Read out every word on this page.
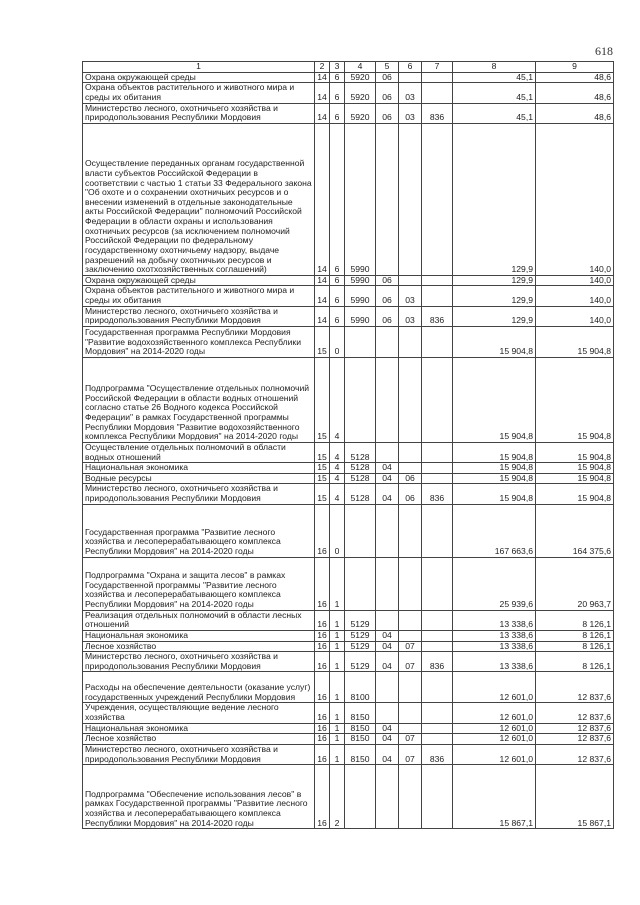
618
1	2	3	4	5	6	7	8	9
Охрана окружающей среды	14	6	5920	06			45,1	48,6
Охрана объектов растительного и животного мира и среды их обитания	14	6	5920	06	03		45,1	48,6
Министерство лесного, охотничьего хозяйства и природопользования Республики Мордовия	14	6	5920	06	03	836	45,1	48,6
Осуществление переданных органам государственной власти субъектов Российской Федерации в соответствии с частью 1 статьи 33 Федерального закона "Об охоте и о сохранении охотничьих ресурсов и о внесении изменений в отдельные законодательные акты Российской Федерации" полномочий Российской Федерации в области охраны и использования охотничьих ресурсов (за исключением полномочий Российской Федерации по федеральному государственному охотничьему надзору, выдаче разрешений на добычу охотничьих ресурсов и заключению охотхозяйственных соглашений)	14	6	5990				129,9	140,0
Охрана окружающей среды	14	6	5990	06			129,9	140,0
Охрана объектов растительного и животного мира и среды их обитания	14	6	5990	06	03		129,9	140,0
Министерство лесного, охотничьего хозяйства и природопользования Республики Мордовия	14	6	5990	06	03	836	129,9	140,0
Государственная программа Республики Мордовия "Развитие водохозяйственного комплекса Республики Мордовия" на 2014-2020 годы	15	0					15 904,8	15 904,8
Подпрограмма "Осуществление отдельных полномочий Российской Федерации в области водных отношений согласно статье 26 Водного кодекса Российской Федерации" в рамках Государственной программы Республики Мордовия "Развитие водохозяйственного комплекса Республики Мордовия" на 2014-2020 годы	15	4					15 904,8	15 904,8
Осуществление отдельных полномочий в области водных отношений	15	4	5128				15 904,8	15 904,8
Национальная экономика	15	4	5128	04			15 904,8	15 904,8
Водные ресурсы	15	4	5128	04	06		15 904,8	15 904,8
Министерство лесного, охотничьего хозяйства и природопользования Республики Мордовия	15	4	5128	04	06	836	15 904,8	15 904,8
Государственная программа "Развитие лесного хозяйства и лесоперерабатывающего комплекса Республики Мордовия" на 2014-2020 годы	16	0					167 663,6	164 375,6
Подпрограмма "Охрана и защита лесов" в рамках Государственной программы "Развитие лесного хозяйства и лесоперерабатывающего комплекса Республики Мордовия" на 2014-2020 годы	16	1					25 939,6	20 963,7
Реализация отдельных полномочий в области лесных отношений	16	1	5129				13 338,6	8 126,1
Национальная экономика	16	1	5129	04			13 338,6	8 126,1
Лесное хозяйство	16	1	5129	04	07		13 338,6	8 126,1
Министерство лесного, охотничьего хозяйства и природопользования Республики Мордовия	16	1	5129	04	07	836	13 338,6	8 126,1
Расходы на обеспечение деятельности (оказание услуг) государственных учреждений Республики Мордовия	16	1	8100				12 601,0	12 837,6
Учреждения, осуществляющие ведение лесного хозяйства	16	1	8150				12 601,0	12 837,6
Национальная экономика	16	1	8150	04			12 601,0	12 837,6
Лесное хозяйство	16	1	8150	04	07		12 601,0	12 837,6
Министерство лесного, охотничьего хозяйства и природопользования Республики Мордовия	16	1	8150	04	07	836	12 601,0	12 837,6
Подпрограмма "Обеспечение использования лесов" в рамках Государственной программы "Развитие лесного хозяйства и лесоперерабатывающего комплекса Республики Мордовия" на 2014-2020 годы	16	2					15 867,1	15 867,1
